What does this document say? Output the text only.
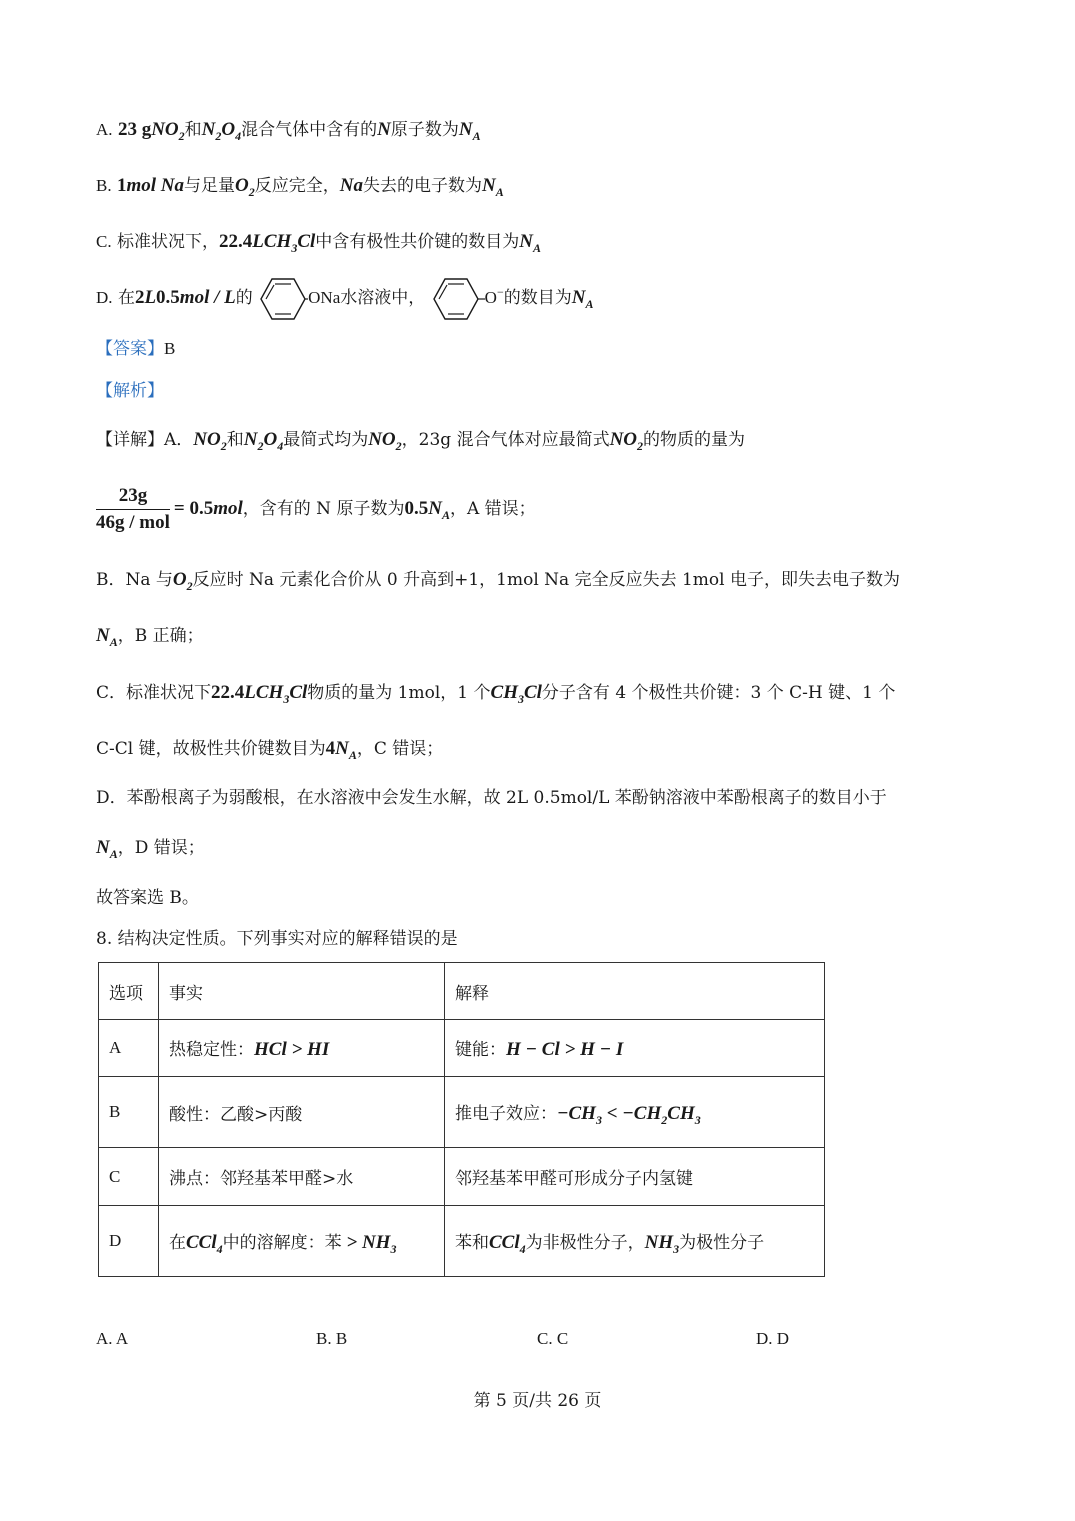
A. 23 gNO$_2$和$N_2O_4$混合气体中含有的N原子数为$N_A$
B. 1mol Na与足量$O_2$反应完全，Na失去的电子数为$N_A$
C. 标准状况下，$22.4LCH_3Cl$中含有极性共价键的数目为$N_A$
D. 在2L0.5mol / L的	ONa水溶液中，	O−的数目为$N_A$
【答案】B
【解析】
【详解】A．$NO_2$和$N_2O_4$最简式均为$NO_2$，23g 混合气体对应最简式$NO_2$的物质的量为
$\frac{23g}{\text{46g / mol}} = 0.5mol$，含有的 N 原子数为$0.5N_A$，A 错误；
B．Na 与$O_2$反应时 Na 元素化合价从 0 升高到+1，1mol Na 完全反应失去 1mol 电子，即失去电子数为
$N_A$，B 正确；
C．标准状况下$22.4LCH_3Cl$物质的量为 1mol，1 个$CH_3Cl$分子含有 4 个极性共价键：3 个 C-H 键、1 个
C-Cl 键，故极性共价键数目为$4N_A$，C 错误；
D．苯酚根离子为弱酸根，在水溶液中会发生水解，故 2L 0.5mol/L 苯酚钠溶液中苯酚根离子的数目小于
$N_A$，D 错误；
故答案选 B。
8. 结构决定性质。下列事实对应的解释错误的是
选项	事实	解释
A	热稳定性：HCl > HI	键能：H − Cl > H − I
B	酸性：乙酸>丙酸	推电子效应：$-CH_3 < -CH_2CH_3$
C	沸点：邻羟基苯甲醛>水	邻羟基苯甲醛可形成分子内氢键
D	在CCl$_4$中的溶解度：苯 > $NH_3$	苯和CCl$_4$为非极性分子，$NH_3$为极性分子
A. A	B. B	C. C	D. D
第 5 页/共 26 页
